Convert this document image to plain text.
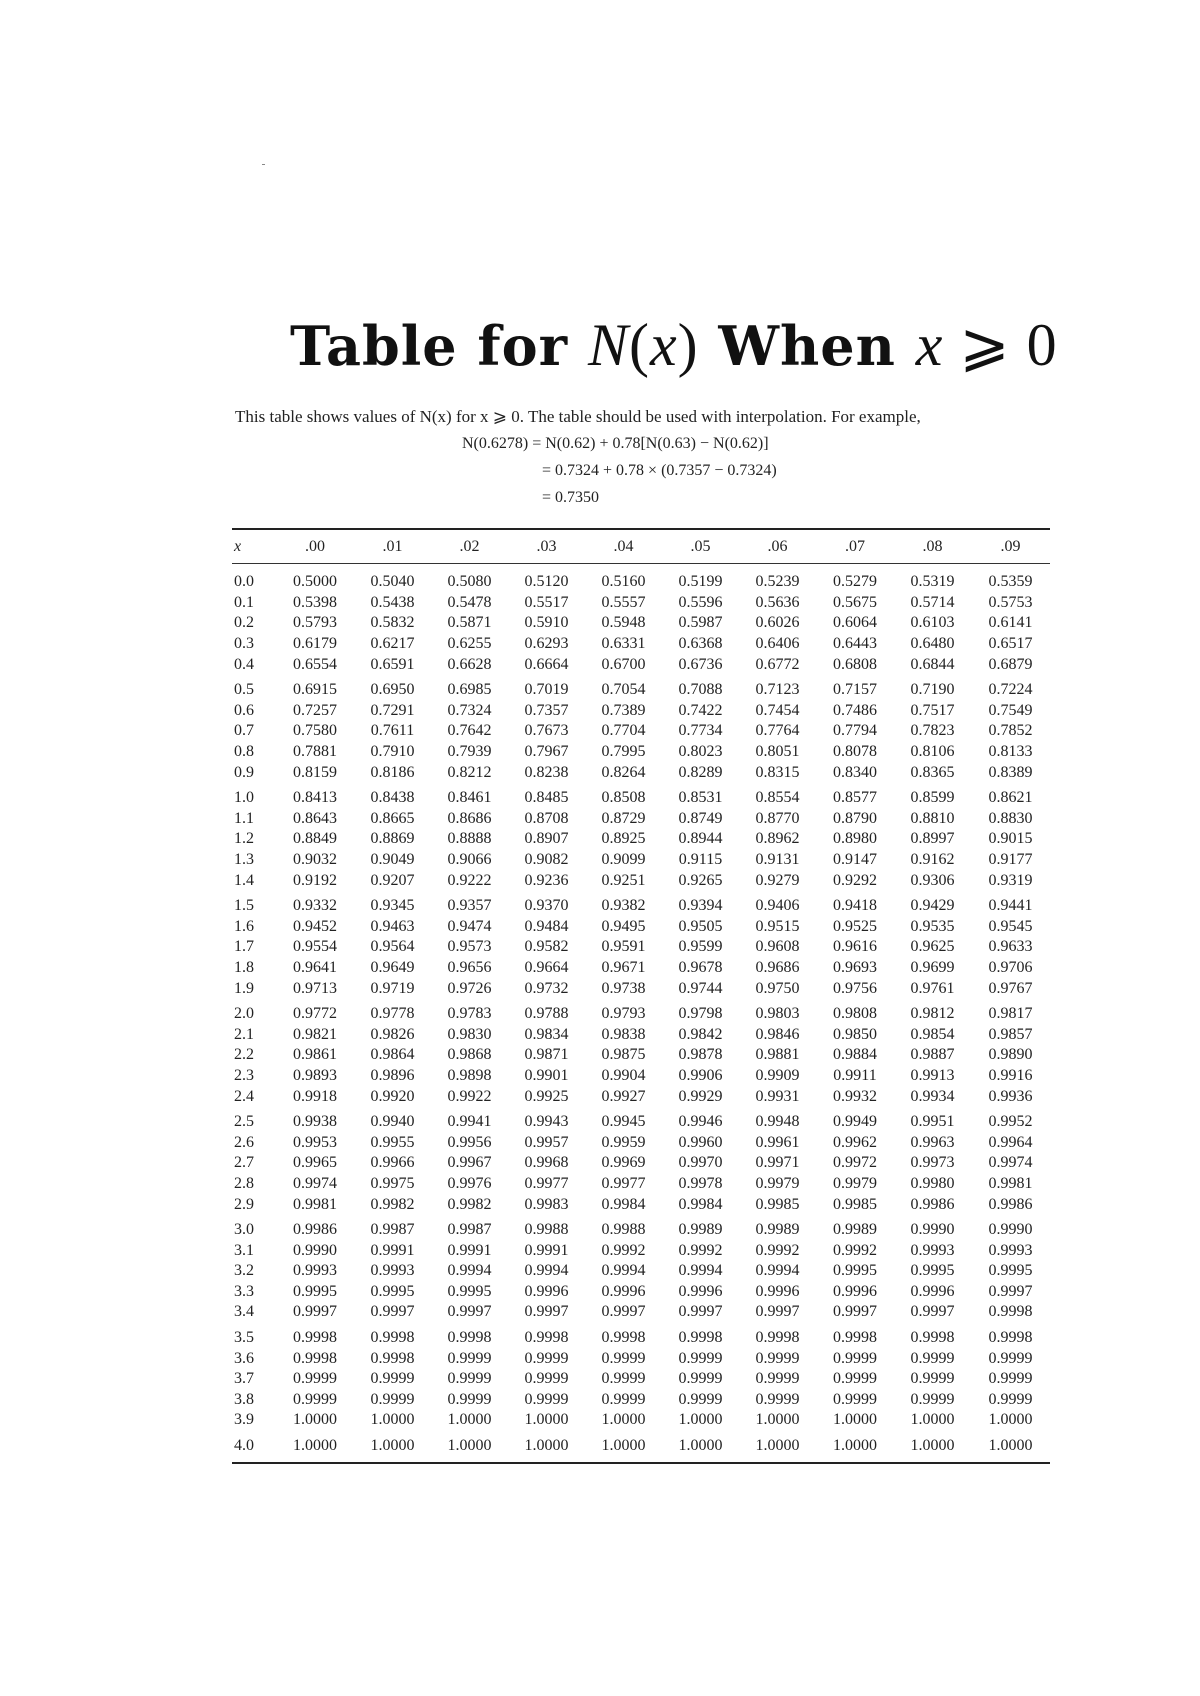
Table for N(x) When x ⩾ 0
This table shows values of N(x) for x ⩾ 0. The table should be used with interpolation. For example,
N(0.6278) = N(0.62) + 0.78[N(0.63) − N(0.62)]
= 0.7324 + 0.78 × (0.7357 − 0.7324)
= 0.7350
x	.00	.01	.02	.03	.04	.05	.06	.07	.08	.09
0.0	0.5000	0.5040	0.5080	0.5120	0.5160	0.5199	0.5239	0.5279	0.5319	0.5359
0.1	0.5398	0.5438	0.5478	0.5517	0.5557	0.5596	0.5636	0.5675	0.5714	0.5753
0.2	0.5793	0.5832	0.5871	0.5910	0.5948	0.5987	0.6026	0.6064	0.6103	0.6141
0.3	0.6179	0.6217	0.6255	0.6293	0.6331	0.6368	0.6406	0.6443	0.6480	0.6517
0.4	0.6554	0.6591	0.6628	0.6664	0.6700	0.6736	0.6772	0.6808	0.6844	0.6879
0.5	0.6915	0.6950	0.6985	0.7019	0.7054	0.7088	0.7123	0.7157	0.7190	0.7224
0.6	0.7257	0.7291	0.7324	0.7357	0.7389	0.7422	0.7454	0.7486	0.7517	0.7549
0.7	0.7580	0.7611	0.7642	0.7673	0.7704	0.7734	0.7764	0.7794	0.7823	0.7852
0.8	0.7881	0.7910	0.7939	0.7967	0.7995	0.8023	0.8051	0.8078	0.8106	0.8133
0.9	0.8159	0.8186	0.8212	0.8238	0.8264	0.8289	0.8315	0.8340	0.8365	0.8389
1.0	0.8413	0.8438	0.8461	0.8485	0.8508	0.8531	0.8554	0.8577	0.8599	0.8621
1.1	0.8643	0.8665	0.8686	0.8708	0.8729	0.8749	0.8770	0.8790	0.8810	0.8830
1.2	0.8849	0.8869	0.8888	0.8907	0.8925	0.8944	0.8962	0.8980	0.8997	0.9015
1.3	0.9032	0.9049	0.9066	0.9082	0.9099	0.9115	0.9131	0.9147	0.9162	0.9177
1.4	0.9192	0.9207	0.9222	0.9236	0.9251	0.9265	0.9279	0.9292	0.9306	0.9319
1.5	0.9332	0.9345	0.9357	0.9370	0.9382	0.9394	0.9406	0.9418	0.9429	0.9441
1.6	0.9452	0.9463	0.9474	0.9484	0.9495	0.9505	0.9515	0.9525	0.9535	0.9545
1.7	0.9554	0.9564	0.9573	0.9582	0.9591	0.9599	0.9608	0.9616	0.9625	0.9633
1.8	0.9641	0.9649	0.9656	0.9664	0.9671	0.9678	0.9686	0.9693	0.9699	0.9706
1.9	0.9713	0.9719	0.9726	0.9732	0.9738	0.9744	0.9750	0.9756	0.9761	0.9767
2.0	0.9772	0.9778	0.9783	0.9788	0.9793	0.9798	0.9803	0.9808	0.9812	0.9817
2.1	0.9821	0.9826	0.9830	0.9834	0.9838	0.9842	0.9846	0.9850	0.9854	0.9857
2.2	0.9861	0.9864	0.9868	0.9871	0.9875	0.9878	0.9881	0.9884	0.9887	0.9890
2.3	0.9893	0.9896	0.9898	0.9901	0.9904	0.9906	0.9909	0.9911	0.9913	0.9916
2.4	0.9918	0.9920	0.9922	0.9925	0.9927	0.9929	0.9931	0.9932	0.9934	0.9936
2.5	0.9938	0.9940	0.9941	0.9943	0.9945	0.9946	0.9948	0.9949	0.9951	0.9952
2.6	0.9953	0.9955	0.9956	0.9957	0.9959	0.9960	0.9961	0.9962	0.9963	0.9964
2.7	0.9965	0.9966	0.9967	0.9968	0.9969	0.9970	0.9971	0.9972	0.9973	0.9974
2.8	0.9974	0.9975	0.9976	0.9977	0.9977	0.9978	0.9979	0.9979	0.9980	0.9981
2.9	0.9981	0.9982	0.9982	0.9983	0.9984	0.9984	0.9985	0.9985	0.9986	0.9986
3.0	0.9986	0.9987	0.9987	0.9988	0.9988	0.9989	0.9989	0.9989	0.9990	0.9990
3.1	0.9990	0.9991	0.9991	0.9991	0.9992	0.9992	0.9992	0.9992	0.9993	0.9993
3.2	0.9993	0.9993	0.9994	0.9994	0.9994	0.9994	0.9994	0.9995	0.9995	0.9995
3.3	0.9995	0.9995	0.9995	0.9996	0.9996	0.9996	0.9996	0.9996	0.9996	0.9997
3.4	0.9997	0.9997	0.9997	0.9997	0.9997	0.9997	0.9997	0.9997	0.9997	0.9998
3.5	0.9998	0.9998	0.9998	0.9998	0.9998	0.9998	0.9998	0.9998	0.9998	0.9998
3.6	0.9998	0.9998	0.9999	0.9999	0.9999	0.9999	0.9999	0.9999	0.9999	0.9999
3.7	0.9999	0.9999	0.9999	0.9999	0.9999	0.9999	0.9999	0.9999	0.9999	0.9999
3.8	0.9999	0.9999	0.9999	0.9999	0.9999	0.9999	0.9999	0.9999	0.9999	0.9999
3.9	1.0000	1.0000	1.0000	1.0000	1.0000	1.0000	1.0000	1.0000	1.0000	1.0000
4.0	1.0000	1.0000	1.0000	1.0000	1.0000	1.0000	1.0000	1.0000	1.0000	1.0000
